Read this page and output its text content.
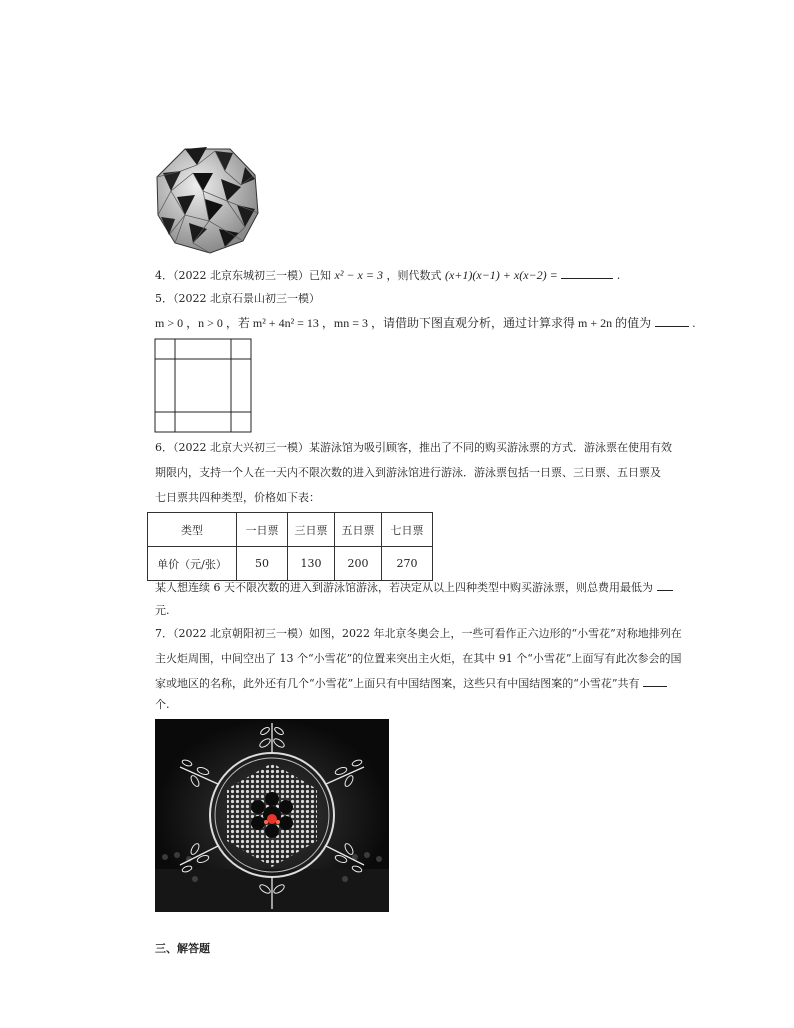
4．（2022 北京东城初三一模）已知 x² − x = 3 ，则代数式 (x+1)(x−1) + x(x−2) =	.
5．（2022 北京石景山初三一模）
m > 0 ，n > 0 ，若 m² + 4n² = 13 ，mn = 3 ，请借助下图直观分析，通过计算求得 m + 2n 的值为	.
6．（2022 北京大兴初三一模）某游泳馆为吸引顾客，推出了不同的购买游泳票的方式．游泳票在使用有效
期限内，支持一个人在一天内不限次数的进入到游泳馆进行游泳．游泳票包括一日票、三日票、五日票及
七日票共四种类型，价格如下表：
类型	一日票	三日票	五日票	七日票
单价（元/张）	50	130	200	270
某人想连续 6 天不限次数的进入到游泳馆游泳，若决定从以上四种类型中购买游泳票，则总费用最低为
元.
7．（2022 北京朝阳初三一模）如图，2022 年北京冬奥会上，一些可看作正六边形的“小雪花”对称地排列在
主火炬周围，中间空出了 13 个“小雪花”的位置来突出主火炬，在其中 91 个“小雪花”上面写有此次参会的国
家或地区的名称，此外还有几个“小雪花”上面只有中国结图案，这些只有中国结图案的“小雪花”共有
个.
三、解答题
